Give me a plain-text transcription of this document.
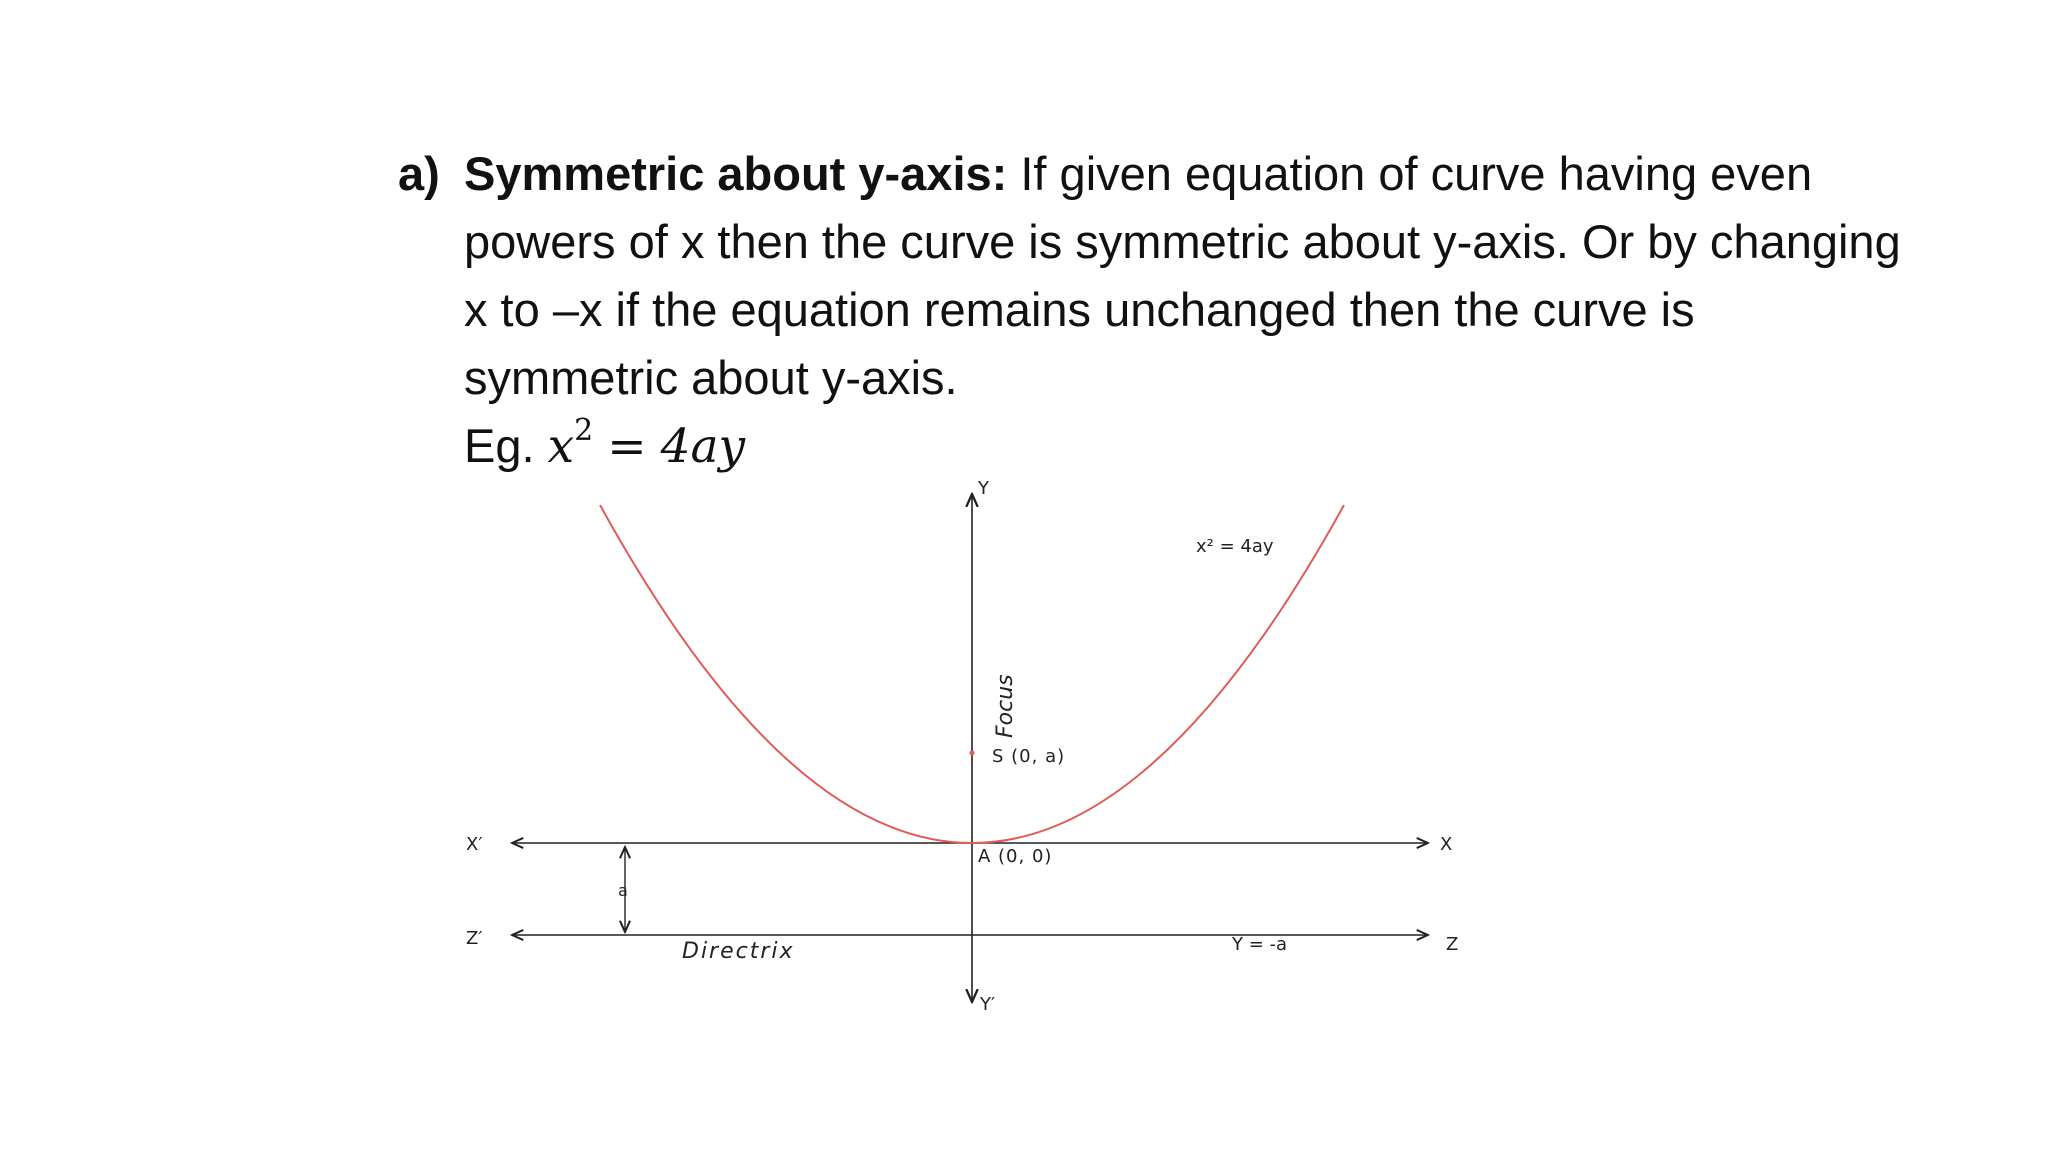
a) Symmetric about y-axis: If given equation of curve having even
powers of x then the curve is symmetric about y-axis. Or by changing
x to –x if the equation remains unchanged then the curve is
symmetric about y-axis.
Eg. $x^2 = 4ay$
Y
Y′
X′	X
Z′	Z
a
x² = 4ay
Focus
S (0, a)
A (0, 0)
Directrix	Y = -a
